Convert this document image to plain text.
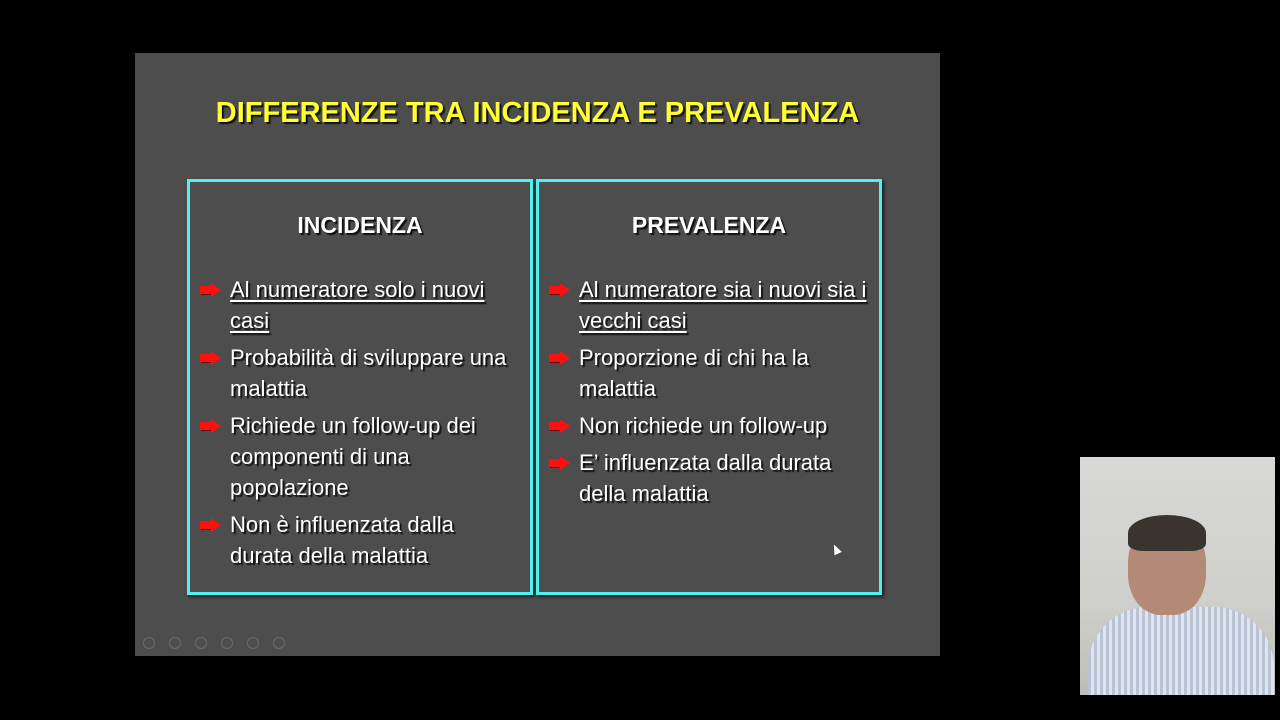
DIFFERENZE TRA INCIDENZA E PREVALENZA
INCIDENZA
Al numeratore solo i nuovi casi
Probabilità di sviluppare una malattia
Richiede un follow-up dei componenti di una popolazione
Non è influenzata dalla durata della malattia
PREVALENZA
Al numeratore sia i nuovi sia i vecchi casi
Proporzione di chi ha la malattia
Non richiede un follow-up
E’ influenzata dalla durata della malattia
